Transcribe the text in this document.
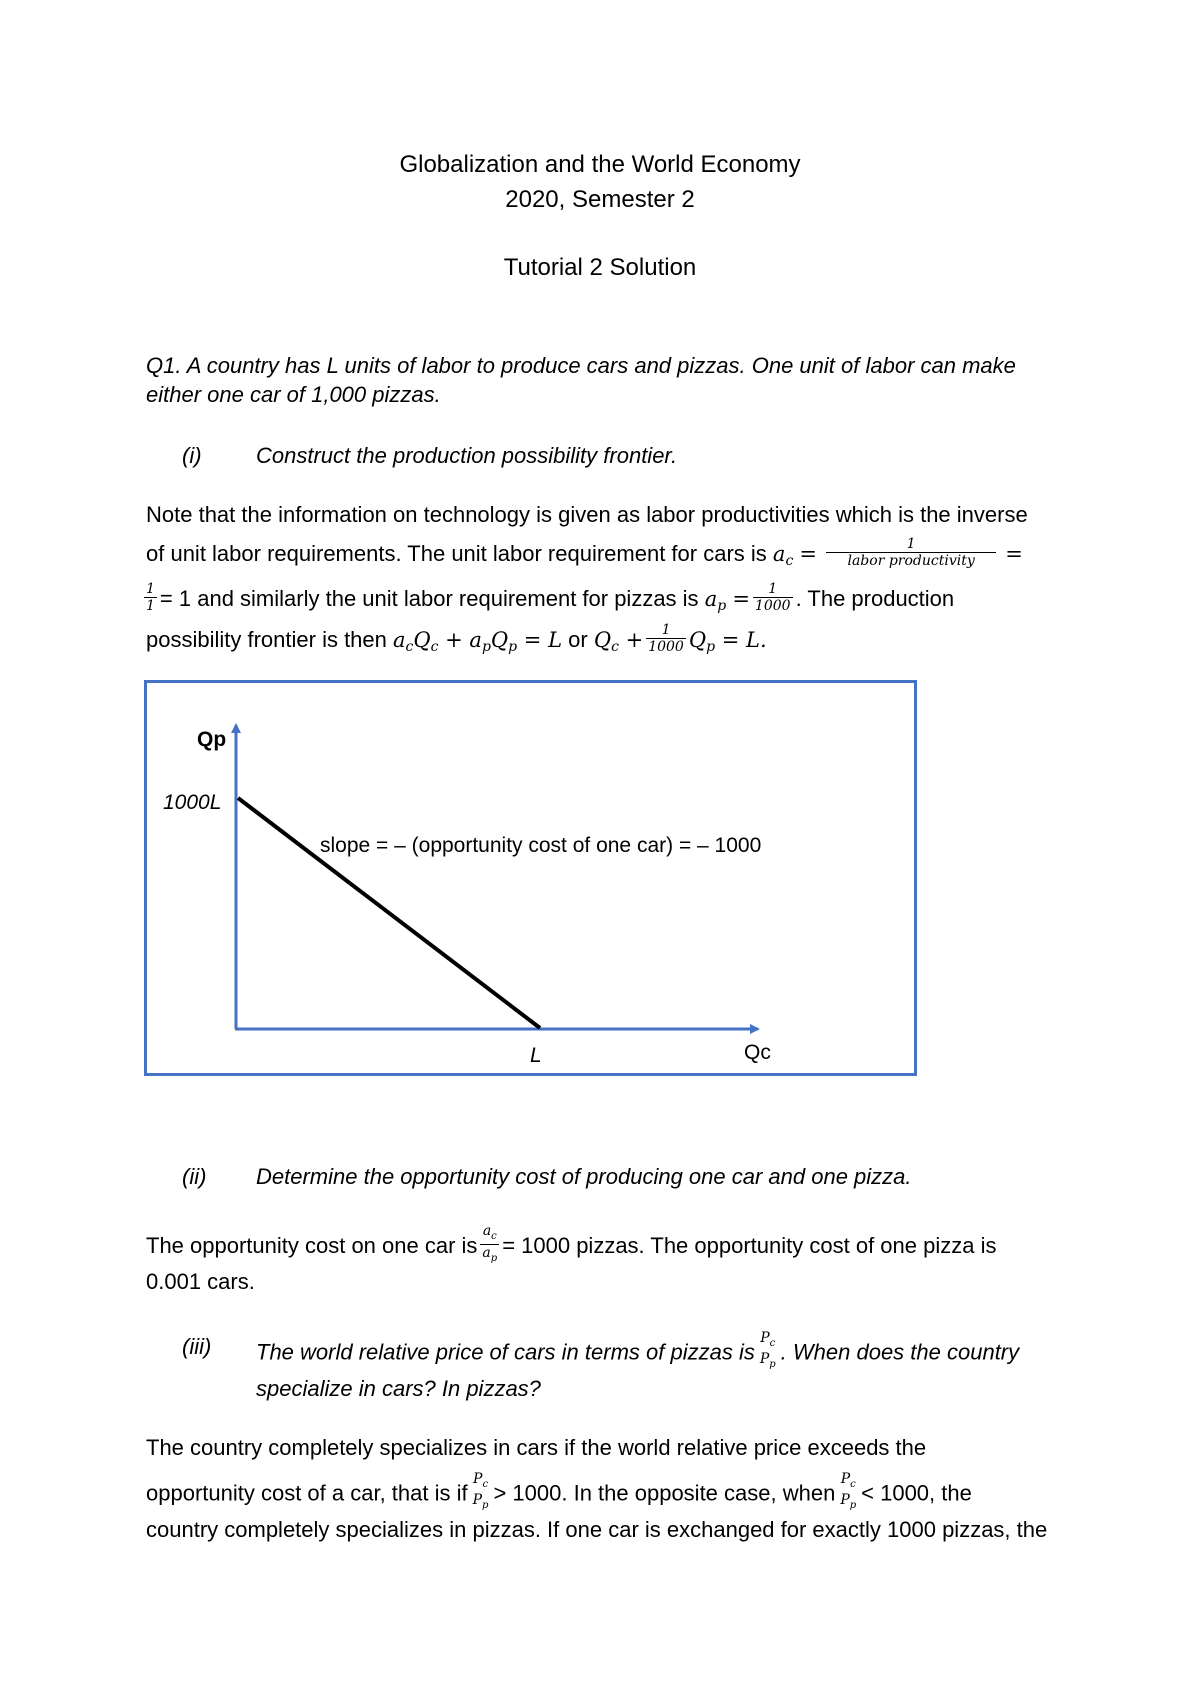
Globalization and the World Economy
2020, Semester 2
Tutorial 2 Solution
Q1. A country has L units of labor to produce cars and pizzas. One unit of labor can make
either one car of 1,000 pizzas.
(i) Construct the production possibility frontier.
Note that the information on technology is given as labor productivities which is the inverse
of unit labor requirements. The unit labor requirement for cars is $a_c = \frac{1}{\text{labor productivity}}$ =
$\frac{1}{1} = 1$ and similarly the unit labor requirement for pizzas is $a_p = \frac{1}{1000}$ . The production
possibility frontier is then $a_cQ_c + a_pQ_p = L$ or $Q_c + \frac{1}{1000} Q_p = L$.
Qp
1000L
slope = – (opportunity cost of one car) = – 1000
L	Qc
(ii) Determine the opportunity cost of producing one car and one pizza.
The opportunity cost on one car is $\frac{a_c}{a_p} = 1000$ pizzas. The opportunity cost of one pizza is
0.001 cars.
(iii) The world relative price of cars in terms of pizzas is
$P_c$
$P_p$ . When does the country
specialize in cars? In pizzas?
The country completely specializes in cars if the world relative price exceeds the
opportunity cost of a car, that is if
$P_c$
$P_p > 1000$. In the opposite case, when
$P_c$
$P_p < 1000$, the
country completely specializes in pizzas. If one car is exchanged for exactly 1000 pizzas, the
